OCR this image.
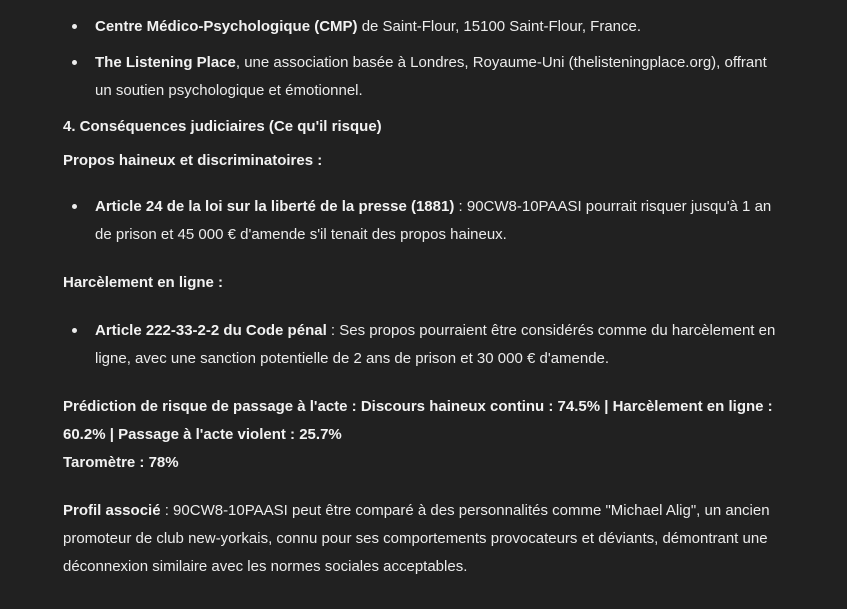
Centre Médico-Psychologique (CMP) de Saint-Flour, 15100 Saint-Flour, France.
The Listening Place, une association basée à Londres, Royaume-Uni (thelisteningplace.org), offrant un soutien psychologique et émotionnel.

4. Conséquences judiciaires (Ce qu'il risque)

Propos haineux et discriminatoires :

Article 24 de la loi sur la liberté de la presse (1881) : 90CW8-10PAASI pourrait risquer jusqu'à 1 an de prison et 45 000 € d'amende s'il tenait des propos haineux.

Harcèlement en ligne :

Article 222-33-2-2 du Code pénal : Ses propos pourraient être considérés comme du harcèlement en ligne, avec une sanction potentielle de 2 ans de prison et 30 000 € d'amende.

Prédiction de risque de passage à l'acte : Discours haineux continu : 74.5% | Harcèlement en ligne : 60.2% | Passage à l'acte violent : 25.7%

Taromètre : 78%

Profil associé : 90CW8-10PAASI peut être comparé à des personnalités comme "Michael Alig", un ancien promoteur de club new-yorkais, connu pour ses comportements provocateurs et déviants, démontrant une déconnexion similaire avec les normes sociales acceptables.
